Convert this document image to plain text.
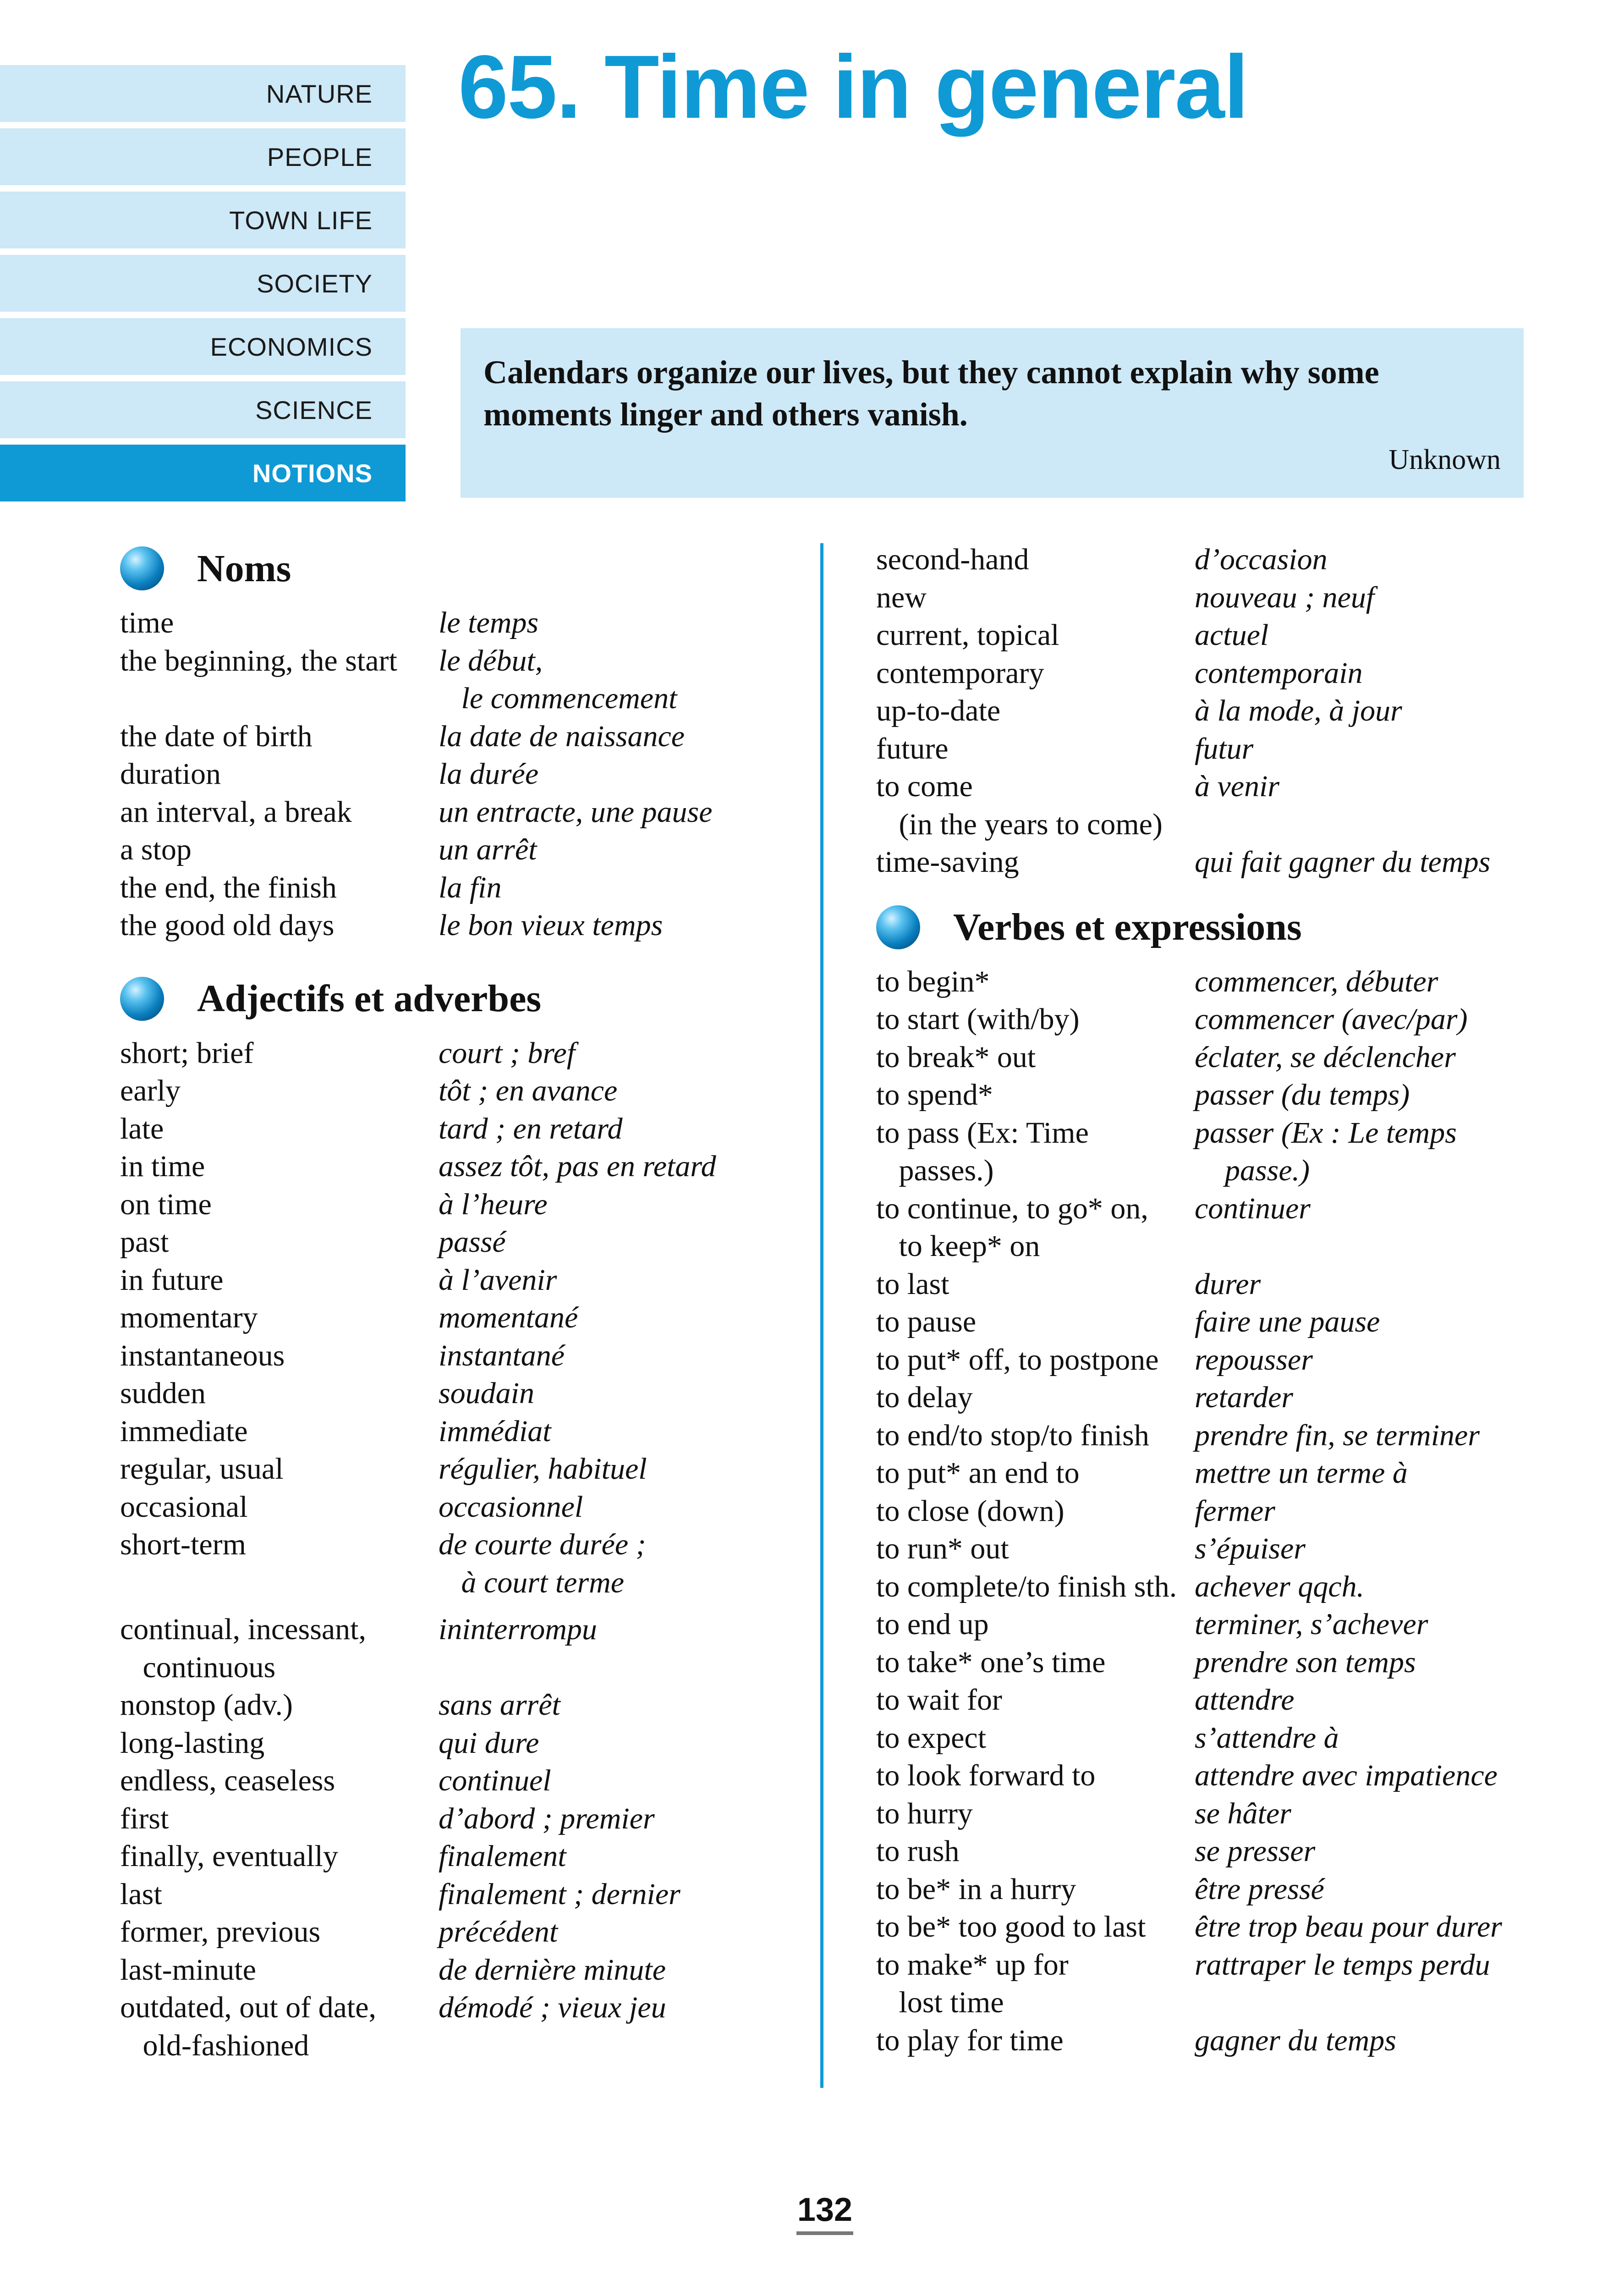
NATURE
PEOPLE
TOWN LIFE
SOCIETY
ECONOMICS
SCIENCE
NOTIONS
65. Time in general

Calendars organize our lives, but they cannot explain why some moments linger and others vanish.

Unknown
Noms
time	le temps
the beginning, the start	le début,
le commencement
the date of birth	la date de naissance
duration	la durée
an interval, a break	un entracte, une pause
a stop	un arrêt
the end, the finish	la fin
the good old days	le bon vieux temps
Adjectifs et adverbes
short; brief	court ; bref
early	tôt ; en avance
late	tard ; en retard
in time	assez tôt, pas en retard
on time	à l’heure
past	passé
in future	à l’avenir
momentary	momentané
instantaneous	instantané
sudden	soudain
immediate	immédiat
regular, usual	régulier, habituel
occasional	occasionnel
short-term	de courte durée ;
à court terme
continual, incessant,	ininterrompu
continuous
nonstop (adv.)	sans arrêt
long-lasting	qui dure
endless, ceaseless	continuel
first	d’abord ; premier
finally, eventually	finalement
last	finalement ; dernier
former, previous	précédent
last-minute	de dernière minute
outdated, out of date,	démodé ; vieux jeu
old-fashioned
second-hand	d’occasion
new	nouveau ; neuf
current, topical	actuel
contemporary	contemporain
up-to-date	à la mode, à jour
future	futur
to come	à venir
(in the years to come)
time-saving	qui fait gagner du temps
Verbes et expressions
to begin*	commencer, débuter
to start (with/by)	commencer (avec/par)
to break* out	éclater, se déclencher
to spend*	passer (du temps)
to pass (Ex: Time	passer (Ex : Le temps
passes.)	passe.)
to continue, to go* on,	continuer
to keep* on
to last	durer
to pause	faire une pause
to put* off, to postpone	repousser
to delay	retarder
to end/to stop/to finish	prendre fin, se terminer
to put* an end to	mettre un terme à
to close (down)	fermer
to run* out	s’épuiser
to complete/to finish sth. achever qqch.
to end up	terminer, s’achever
to take* one’s time	prendre son temps
to wait for	attendre
to expect	s’attendre à
to look forward to	attendre avec impatience
to hurry	se hâter
to rush	se presser
to be* in a hurry	être pressé
to be* too good to last	être trop beau pour durer
to make* up for	rattraper le temps perdu
lost time
to play for time	gagner du temps
132
